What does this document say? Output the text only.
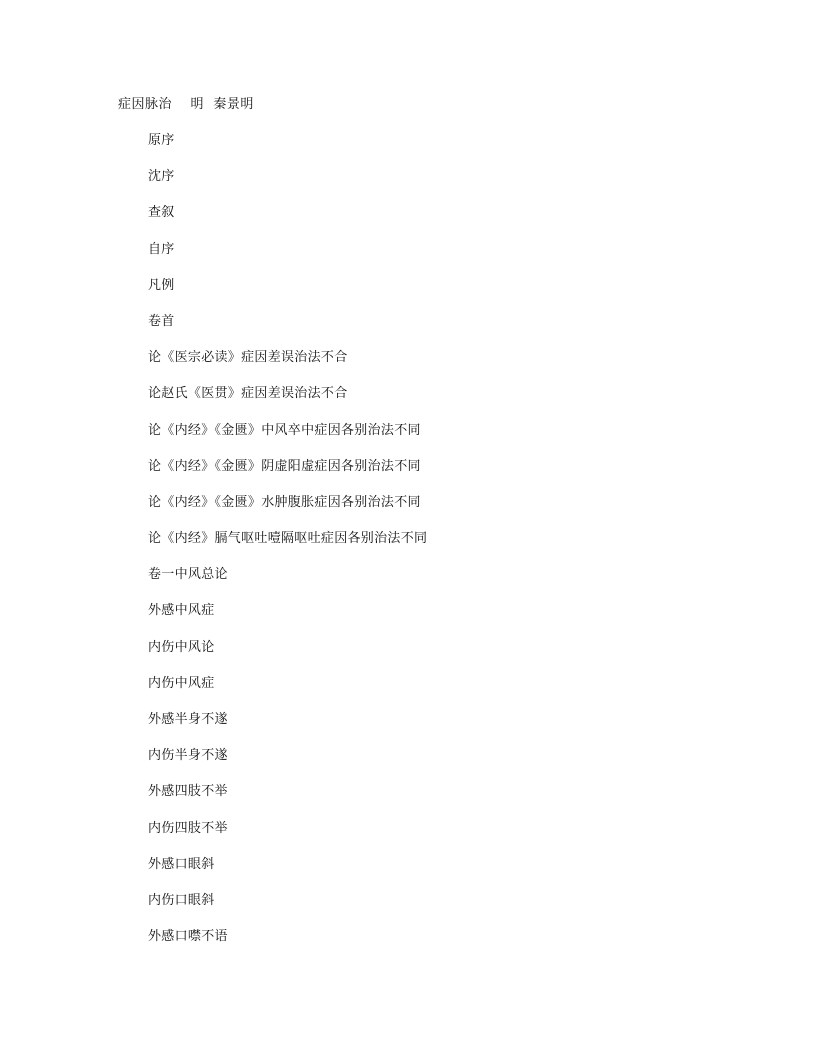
症因脉治 明 秦景明
原序
沈序
查叙
自序
凡例
卷首
论《医宗必读》症因差误治法不合
论赵氏《医贯》症因差误治法不合
论《内经》《金匮》中风卒中症因各别治法不同
论《内经》《金匮》阴虚阳虚症因各别治法不同
论《内经》《金匮》水肿腹胀症因各别治法不同
论《内经》膈气呕吐噎隔呕吐症因各别治法不同
卷一中风总论
外感中风症
内伤中风论
内伤中风症
外感半身不遂
内伤半身不遂
外感四肢不举
内伤四肢不举
外感口眼斜
内伤口眼斜
外感口噤不语
